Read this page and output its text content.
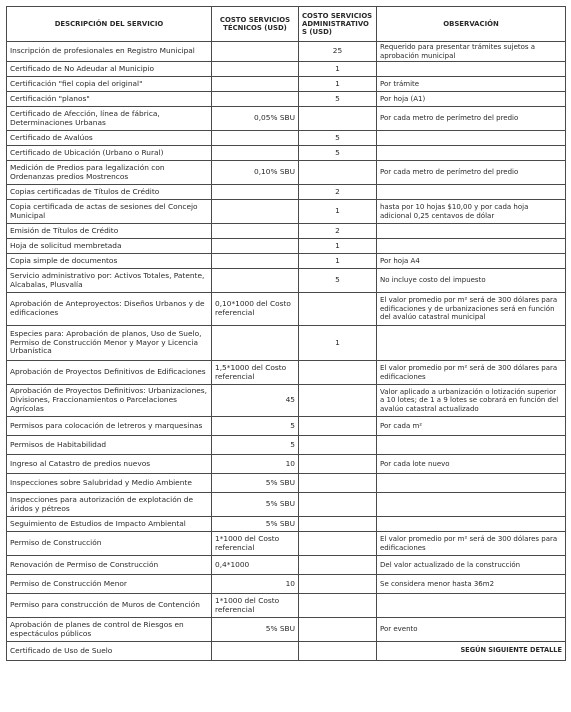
DESCRIPCIÓN DEL SERVICIO	COSTO SERVICIOS TÉCNICOS (USD)	COSTO SERVICIOS ADMINISTRATIVOS (USD)	OBSERVACIÓN
Inscripción de profesionales en Registro Municipal		25	Requerido para presentar trámites sujetos a aprobación municipal
Certificado de No Adeudar al Municipio		1	
Certificación "fiel copia del original"		1	Por trámite
Certificación "planos"		5	Por hoja (A1)
Certificado de Afección, línea de fábrica, Determinaciones Urbanas	0,05% SBU		Por cada metro de perímetro del predio
Certificado de Avalúos		5	
Certificado de Ubicación (Urbano o Rural)		5	
Medición de Predios para legalización con Ordenanzas predios Mostrencos	0,10% SBU		Por cada metro de perímetro del predio
Copias certificadas de Títulos de Crédito		2	
Copia certificada de actas de sesiones del Concejo Municipal		1	hasta por 10 hojas $10,00 y por cada hoja adicional 0,25 centavos de dólar
Emisión de Títulos de Crédito		2	
Hoja de solicitud membretada		1	
Copia simple de documentos		1	Por hoja A4
Servicio administrativo por: Activos Totales, Patente, Alcabalas, Plusvalía		5	No incluye costo del impuesto
Aprobación de Anteproyectos: Diseños Urbanos y de edificaciones	0,10*1000 del Costo referencial		El valor promedio por m² será de 300 dólares para edificaciones y de urbanizaciones será en función del avalúo catastral municipal
Especies para: Aprobación de planos, Uso de Suelo, Permiso de Construcción Menor y Mayor y Licencia Urbanística		1	
Aprobación de Proyectos Definitivos de Edificaciones	1,5*1000 del Costo referencial		El valor promedio por m² será de 300 dólares para edificaciones
Aprobación de Proyectos Definitivos: Urbanizaciones, Divisiones, Fraccionamientos o Parcelaciones Agrícolas	45		Valor aplicado a urbanización o lotización superior a 10 lotes; de 1 a 9 lotes se cobrará en función del avalúo catastral actualizado
Permisos para colocación de letreros y marquesinas	5		Por cada m²
Permisos de Habitabilidad	5		
Ingreso al Catastro de predios nuevos	10		Por cada lote nuevo
Inspecciones sobre Salubridad y Medio Ambiente	5% SBU		
Inspecciones para autorización de explotación de áridos y pétreos	5% SBU		
Seguimiento de Estudios de Impacto Ambiental	5% SBU		
Permiso de Construcción	1*1000 del Costo referencial		El valor promedio por m² será de 300 dólares para edificaciones
Renovación de Permiso de Construcción	0,4*1000		Del valor actualizado de la construcción
Permiso de Construcción Menor	10		Se considera menor hasta 36m2
Permiso para construcción de Muros de Contención	1*1000 del Costo referencial		
Aprobación de planes de control de Riesgos en espectáculos públicos	5% SBU		Por evento
Certificado de Uso de Suelo			SEGÚN SIGUIENTE DETALLE
